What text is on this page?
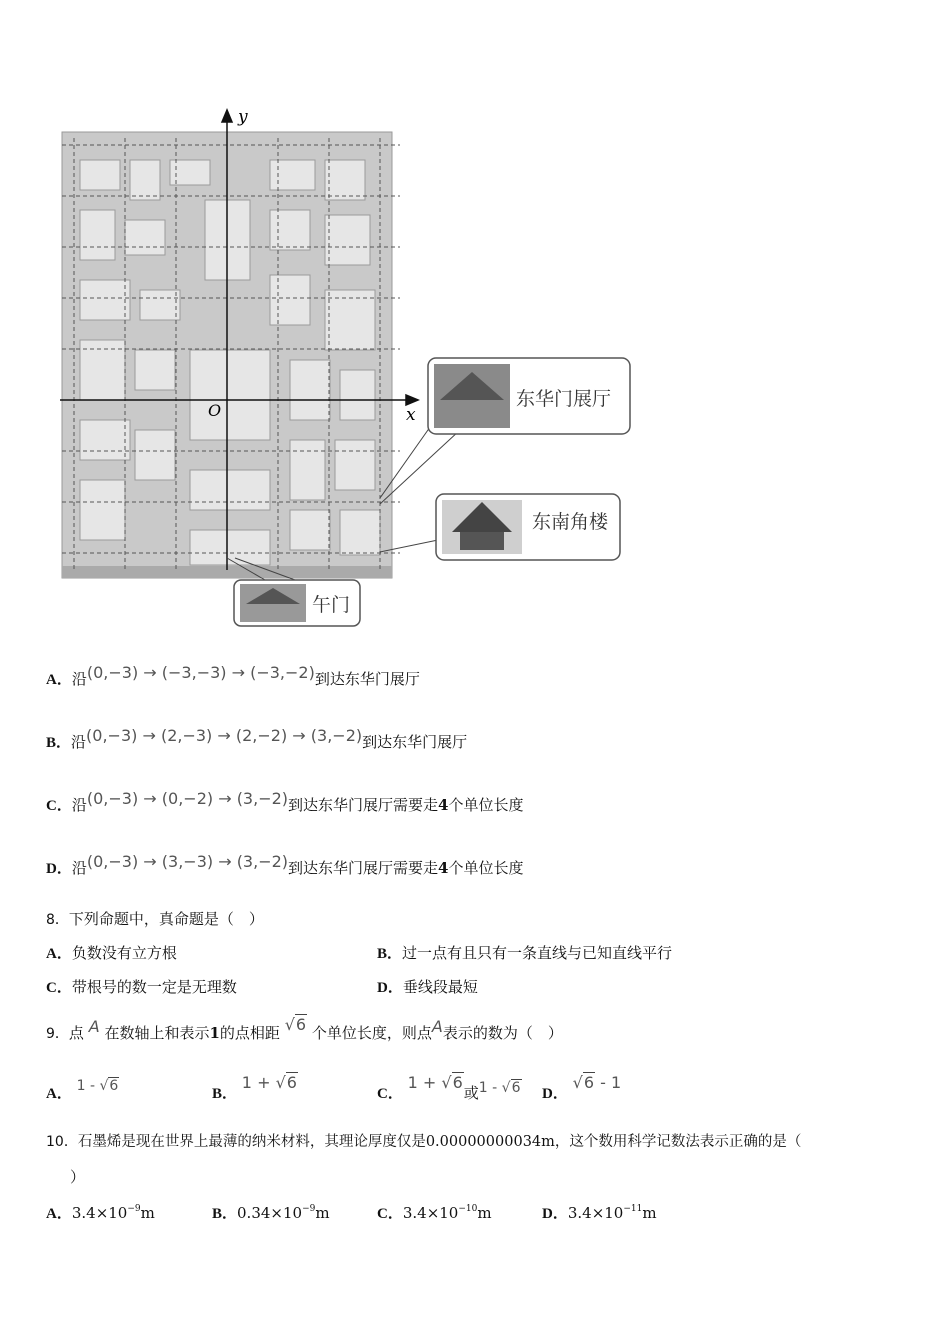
y
x
O
东华门展厅
东南角楼
午门
A．沿(0,−3) → (−3,−3) → (−3,−2)到达东华门展厅
B．沿(0,−3) → (2,−3) → (2,−2) → (3,−2)到达东华门展厅
C．沿(0,−3) → (0,−2) → (3,−2)到达东华门展厅需要走4个单位长度
D．沿(0,−3) → (3,−3) → (3,−2)到达东华门展厅需要走4个单位长度
8．下列命题中，真命题是（　）
A．负数没有立方根	B．过一点有且只有一条直线与已知直线平行
C．带根号的数一定是无理数	D．垂线段最短
9．点 A 在数轴上和表示1的点相距 √6 个单位长度，则点A表示的数为（　）
A． 1 - √6	B． 1 + √6
C． 1 + √6或1 - √6 D． √6 - 1
10．石墨烯是现在世界上最薄的纳米材料，其理论厚度仅是0.00000000034m，这个数用科学记数法表示正确的是（
）
A．$3.4\times 10^{-9}m$	B．$0.34\times 10^{-9}m$	C．$3.4\times 10^{-10}m$	D．$3.4\times 10^{-11}m$
